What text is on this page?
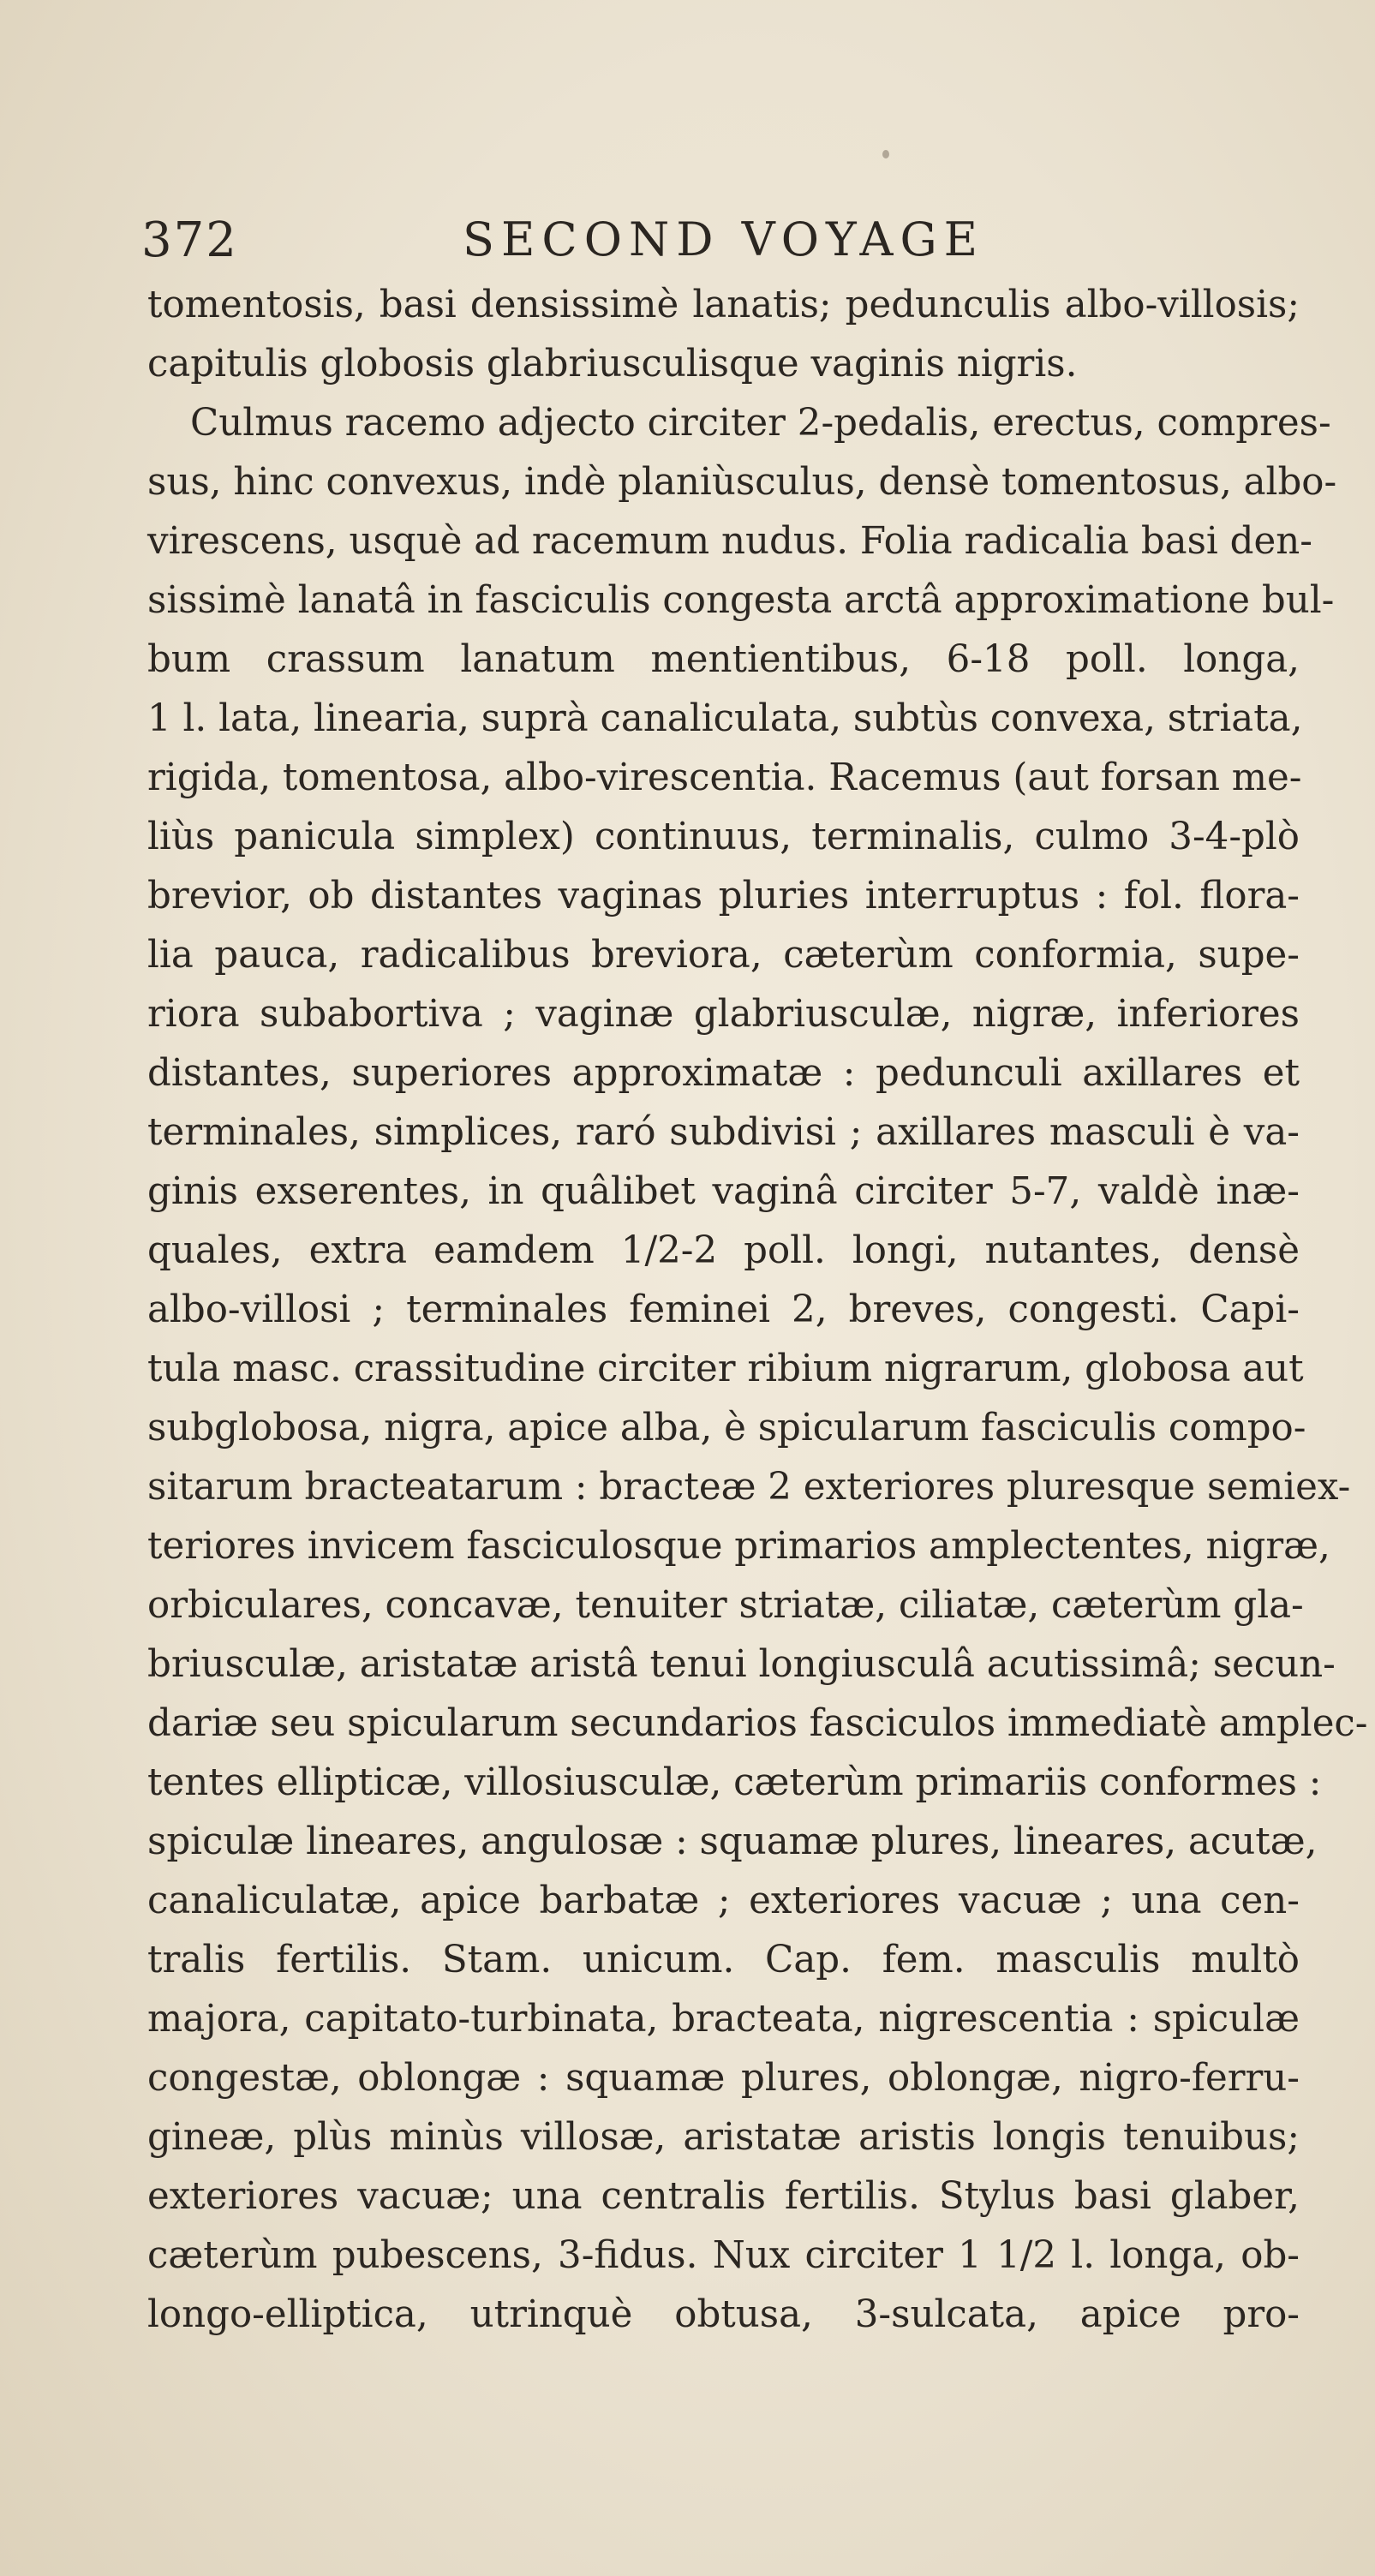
372	SECOND VOYAGE
tomentosis, basi densissimè lanatis; pedunculis albo-villosis;
capitulis globosis glabriusculisque vaginis nigris.
Culmus racemo adjecto circiter 2-pedalis, erectus, compres-
sus, hinc convexus, indè planiùsculus, densè tomentosus, albo-
virescens, usquè ad racemum nudus. Folia radicalia basi den-
sissimè lanatâ in fasciculis congesta arctâ approximatione bul-
bum crassum lanatum mentientibus, 6-18 poll. longa,
1 l. lata, linearia, suprà canaliculata, subtùs convexa, striata,
rigida, tomentosa, albo-virescentia. Racemus (aut forsan me-
liùs panicula simplex) continuus, terminalis, culmo 3-4-plò
brevior, ob distantes vaginas pluries interruptus : fol. flora-
lia pauca, radicalibus breviora, cæterùm conformia, supe-
riora subabortiva ; vaginæ glabriusculæ, nigræ, inferiores
distantes, superiores approximatæ : pedunculi axillares et
terminales, simplices, raró subdivisi ; axillares masculi è va-
ginis exserentes, in quâlibet vaginâ circiter 5-7, valdè inæ-
quales, extra eamdem 1/2-2 poll. longi, nutantes, densè
albo-villosi ; terminales feminei 2, breves, congesti. Capi-
tula masc. crassitudine circiter ribium nigrarum, globosa aut
subglobosa, nigra, apice alba, è spicularum fasciculis compo-
sitarum bracteatarum : bracteæ 2 exteriores pluresque semiex-
teriores invicem fasciculosque primarios amplectentes, nigræ,
orbiculares, concavæ, tenuiter striatæ, ciliatæ, cæterùm gla-
briusculæ, aristatæ aristâ tenui longiusculâ acutissimâ; secun-
dariæ seu spicularum secundarios fasciculos immediatè amplec-
tentes ellipticæ, villosiusculæ, cæterùm primariis conformes :
spiculæ lineares, angulosæ : squamæ plures, lineares, acutæ,
canaliculatæ, apice barbatæ ; exteriores vacuæ ; una cen-
tralis fertilis. Stam. unicum. Cap. fem. masculis multò
majora, capitato-turbinata, bracteata, nigrescentia : spiculæ
congestæ, oblongæ : squamæ plures, oblongæ, nigro-ferru-
gineæ, plùs minùs villosæ, aristatæ aristis longis tenuibus;
exteriores vacuæ; una centralis fertilis. Stylus basi glaber,
cæterùm pubescens, 3-fidus. Nux circiter 1 1/2 l. longa, ob-
longo-elliptica, utrinquè obtusa, 3-sulcata, apice pro-
